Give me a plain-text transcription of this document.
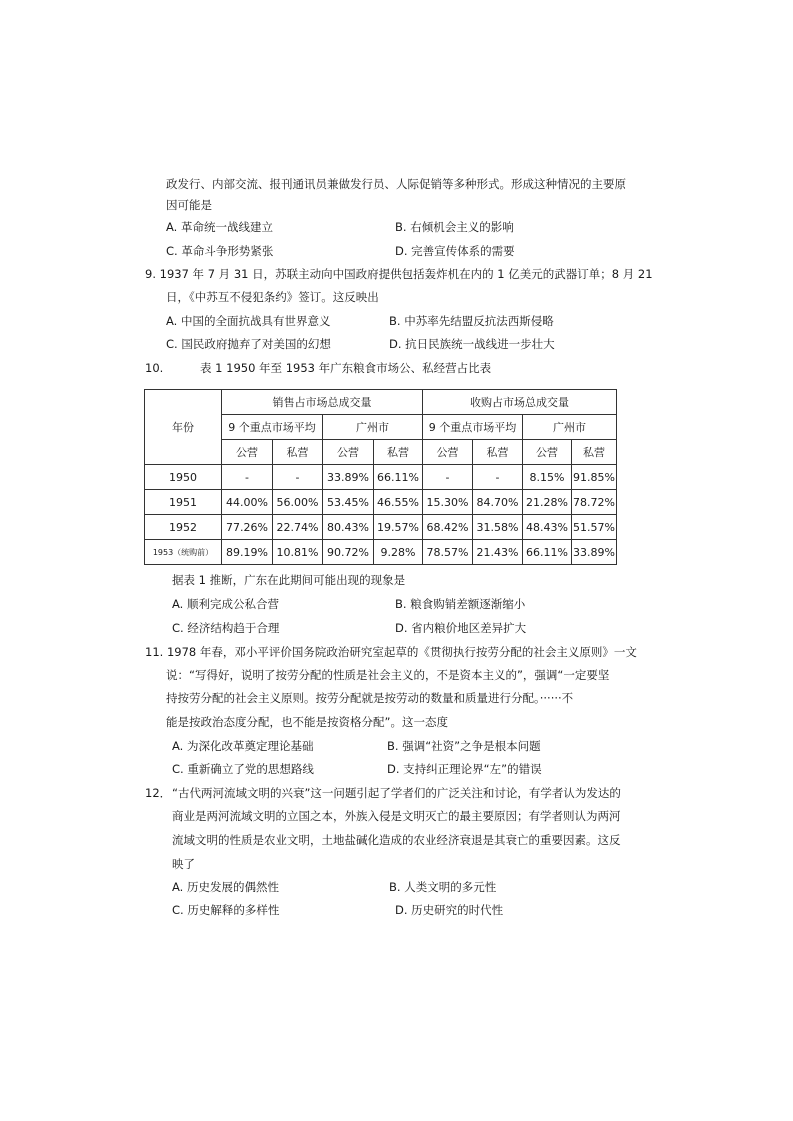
政发行、内部交流、报刊通讯员兼做发行员、人际促销等多种形式。形成这种情况的主要原
因可能是
A. 革命统一战线建立	B. 右倾机会主义的影响
C. 革命斗争形势紧张	D. 完善宣传体系的需要
9. 1937 年 7 月 31 日，苏联主动向中国政府提供包括轰炸机在内的 1 亿美元的武器订单；8 月 21
日，《中苏互不侵犯条约》签订。这反映出
A. 中国的全面抗战具有世界意义	B. 中苏率先结盟反抗法西斯侵略
C. 国民政府抛弃了对美国的幻想	D. 抗日民族统一战线进一步壮大
10.	表 1 1950 年至 1953 年广东粮食市场公、私经营占比表
年份	销售占市场总成交量				收购占市场总成交量			
	9 个重点市场平均		广州市		9 个重点市场平均		广州市	
	公营	私营	公营	私营	公营	私营	公营	私营
1950	-	-	33.89%	66.11%	-	-	8.15%	91.85%
1951	44.00%	56.00%	53.45%	46.55%	15.30%	84.70%	21.28%	78.72%
1952	77.26%	22.74%	80.43%	19.57%	68.42%	31.58%	48.43%	51.57%
1953（统购前）	89.19%	10.81%	90.72%	9.28%	78.57%	21.43%	66.11%	33.89%
据表 1 推断，广东在此期间可能出现的现象是
A. 顺利完成公私合营	B. 粮食购销差额逐渐缩小
C. 经济结构趋于合理	D. 省内粮价地区差异扩大
11. 1978 年春，邓小平评价国务院政治研究室起草的《贯彻执行按劳分配的社会主义原则》一文
说：“写得好，说明了按劳分配的性质是社会主义的，不是资本主义的”，强调“一定要坚
持按劳分配的社会主义原则。按劳分配就是按劳动的数量和质量进行分配。······不
能是按政治态度分配，也不能是按资格分配”。这一态度
A. 为深化改革奠定理论基础	B. 强调“社资”之争是根本问题
C. 重新确立了党的思想路线	D. 支持纠正理论界“左”的错误
12． “古代两河流域文明的兴衰”这一问题引起了学者们的广泛关注和讨论，有学者认为发达的
商业是两河流域文明的立国之本，外族入侵是文明灭亡的最主要原因；有学者则认为两河
流域文明的性质是农业文明，土地盐碱化造成的农业经济衰退是其衰亡的重要因素。这反
映了
A. 历史发展的偶然性	B. 人类文明的多元性
C. 历史解释的多样性	D. 历史研究的时代性
